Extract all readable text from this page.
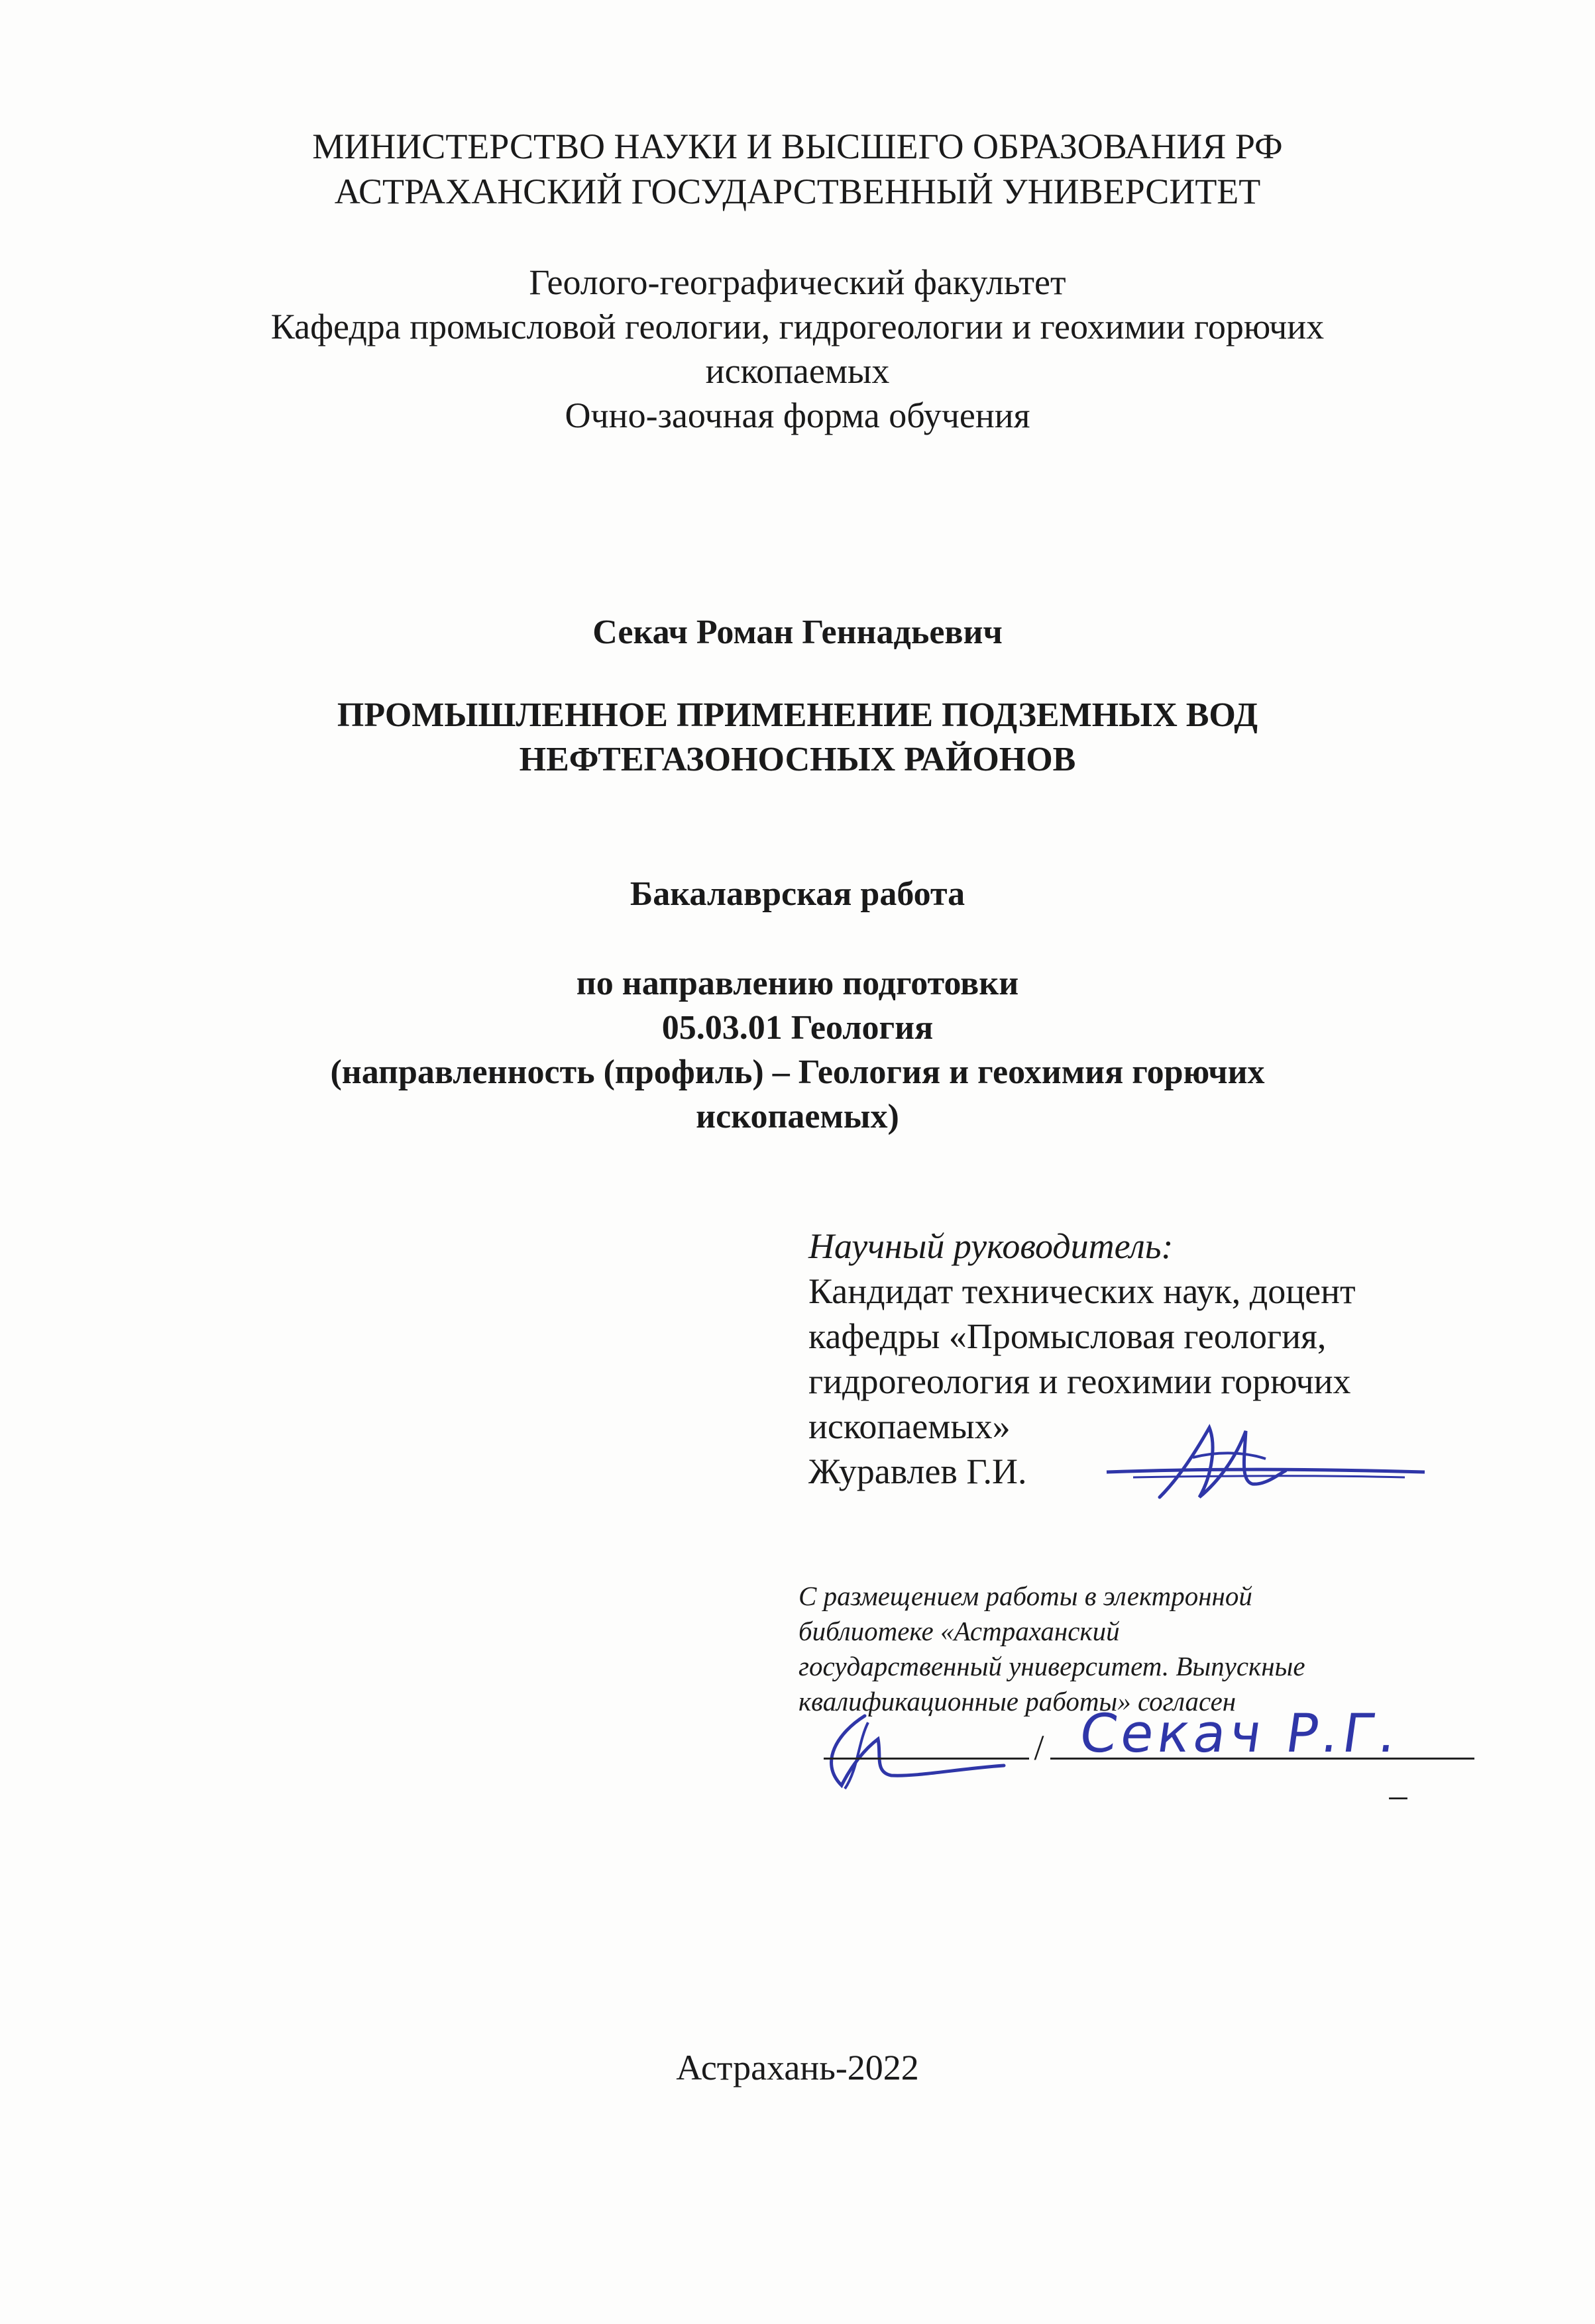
МИНИСТЕРСТВО НАУКИ И ВЫСШЕГО ОБРАЗОВАНИЯ РФ
АСТРАХАНСКИЙ ГОСУДАРСТВЕННЫЙ УНИВЕРСИТЕТ
Геолого-географический факультет
Кафедра промысловой геологии, гидрогеологии и геохимии горючих
ископаемых
Очно-заочная форма обучения
Секач Роман Геннадьевич
ПРОМЫШЛЕННОЕ ПРИМЕНЕНИЕ ПОДЗЕМНЫХ ВОД
НЕФТЕГАЗОНОСНЫХ РАЙОНОВ
Бакалаврская работа
по направлению подготовки
05.03.01 Геология
(направленность (профиль) – Геология и геохимия горючих
ископаемых)
Научный руководитель:
Кандидат технических наук, доцент
кафедры «Промысловая геология,
гидрогеология и геохимии горючих
ископаемых»
Журавлев Г.И.
С размещением работы в электронной
библиотеке «Астраханский
государственный университет. Выпускные
квалификационные работы» согласен
/ Секач Р.Г.
_
Астрахань-2022
